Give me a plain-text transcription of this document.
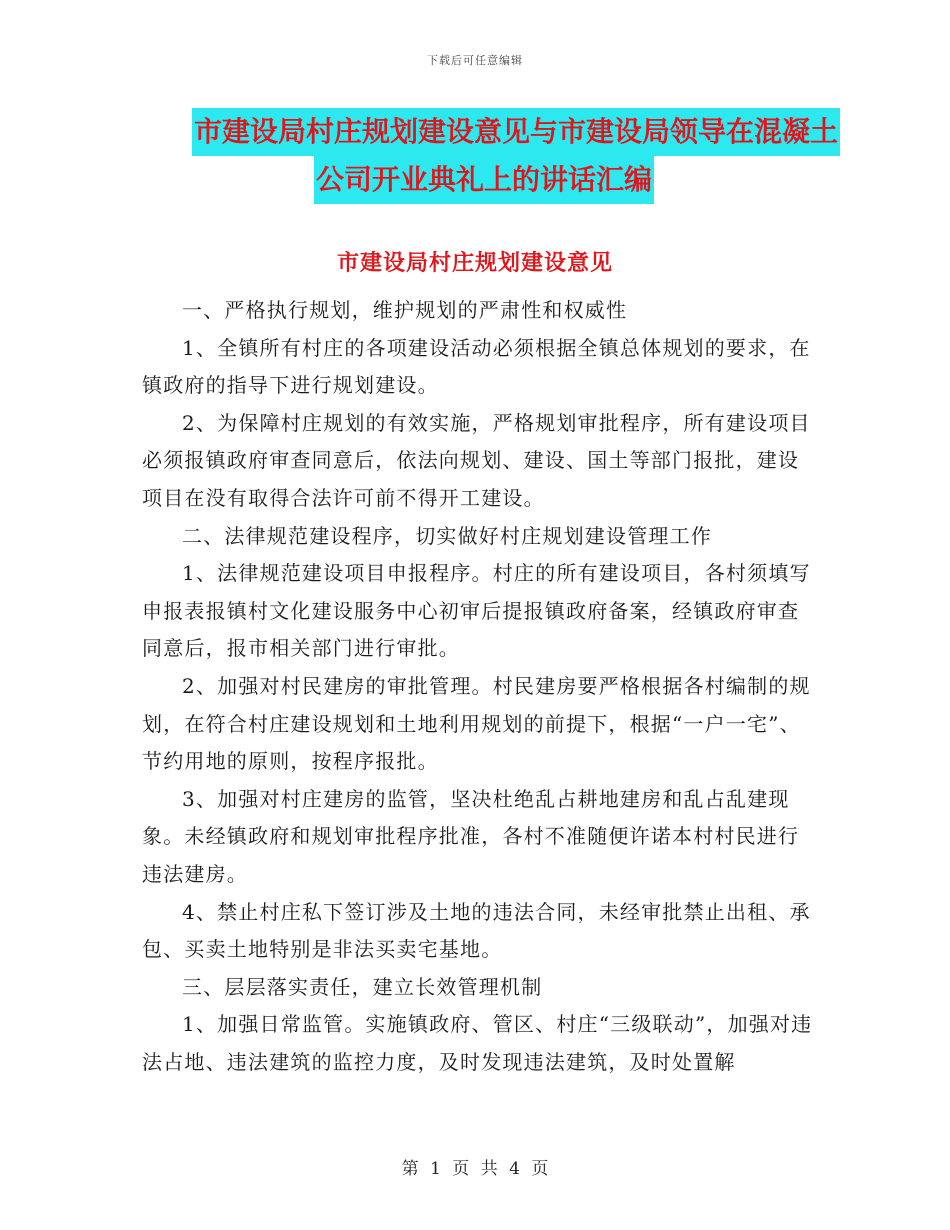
下载后可任意编辑
市建设局村庄规划建设意见与市建设局领导在混凝土
公司开业典礼上的讲话汇编
市建设局村庄规划建设意见

一、严格执行规划，维护规划的严肃性和权威性

1、全镇所有村庄的各项建设活动必须根据全镇总体规划的要求，在镇政府的指导下进行规划建设。

2、为保障村庄规划的有效实施，严格规划审批程序，所有建设项目必须报镇政府审查同意后，依法向规划、建设、国土等部门报批，建设项目在没有取得合法许可前不得开工建设。

二、法律规范建设程序，切实做好村庄规划建设管理工作

1、法律规范建设项目申报程序。村庄的所有建设项目，各村须填写申报表报镇村文化建设服务中心初审后提报镇政府备案，经镇政府审查同意后，报市相关部门进行审批。

2、加强对村民建房的审批管理。村民建房要严格根据各村编制的规划，在符合村庄建设规划和土地利用规划的前提下，根据“一户一宅”、节约用地的原则，按程序报批。

3、加强对村庄建房的监管，坚决杜绝乱占耕地建房和乱占乱建现象。未经镇政府和规划审批程序批准，各村不准随便许诺本村村民进行违法建房。

4、禁止村庄私下签订涉及土地的违法合同，未经审批禁止出租、承包、买卖土地特别是非法买卖宅基地。

三、层层落实责任，建立长效管理机制

1、加强日常监管。实施镇政府、管区、村庄“三级联动”，加强对违法占地、违法建筑的监控力度，及时发现违法建筑，及时处置解

第 1 页 共 4 页
